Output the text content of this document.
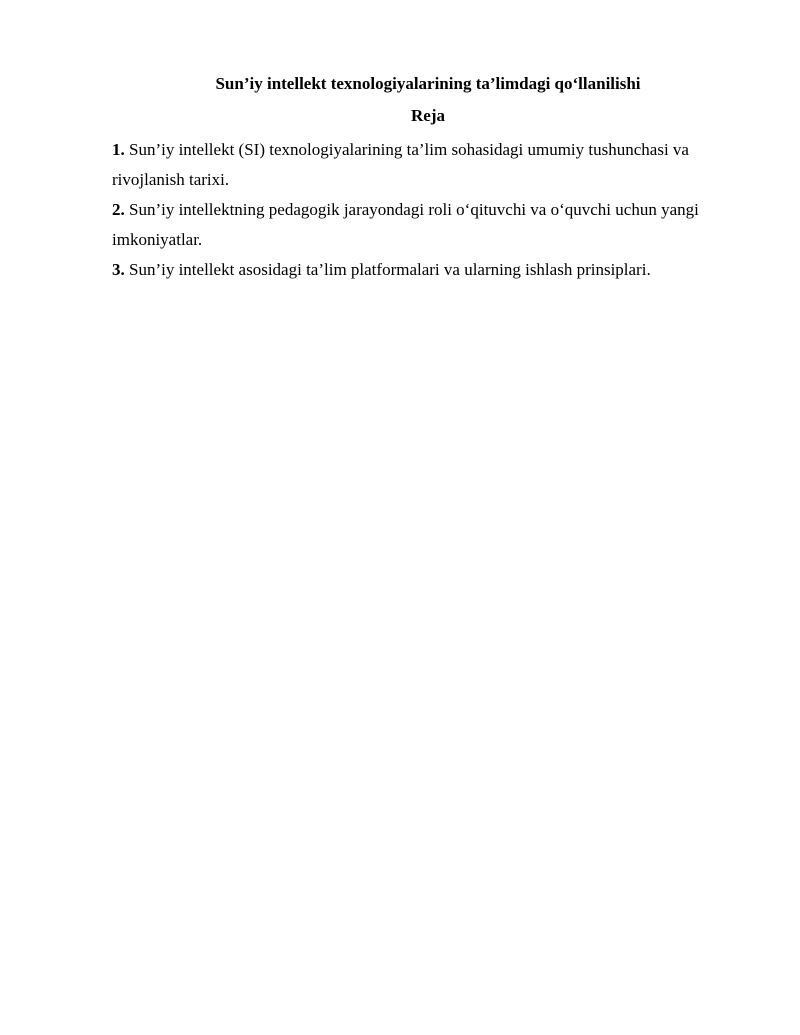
Sun’iy intellekt texnologiyalarining ta’limdagi qo‘llanilishi
Reja

1. Sun’iy intellekt (SI) texnologiyalarining ta’lim sohasidagi umumiy tushunchasi va rivojlanish tarixi.

2. Sun’iy intellektning pedagogik jarayondagi roli o‘qituvchi va o‘quvchi uchun yangi imkoniyatlar.

3. Sun’iy intellekt asosidagi ta’lim platformalari va ularning ishlash prinsiplari.
